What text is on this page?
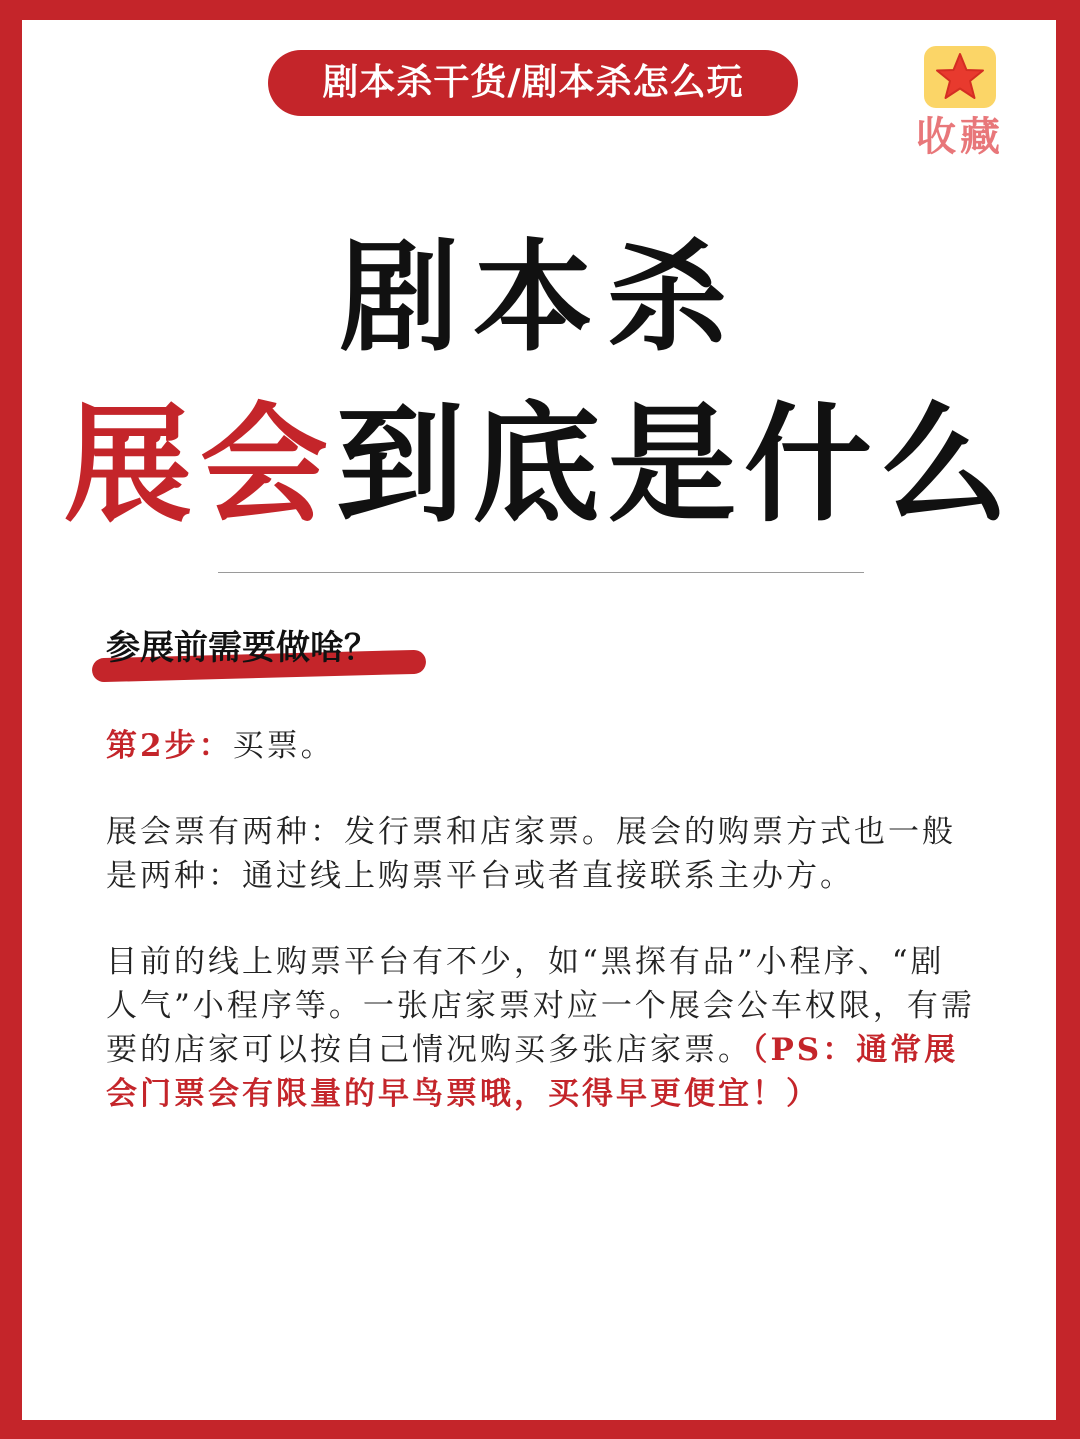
剧本杀干货/剧本杀怎么玩
收藏
剧本杀
展会到底是什么
参展前需要做啥？
第2步：买票。
展会票有两种：发行票和店家票。展会的购票方式也一般是两种：通过线上购票平台或者直接联系主办方。
目前的线上购票平台有不少，如“黑探有品”小程序、“剧人气”小程序等。一张店家票对应一个展会公车权限，有需要的店家可以按自己情况购买多张店家票。（PS：通常展会门票会有限量的早鸟票哦，买得早更便宜！）
